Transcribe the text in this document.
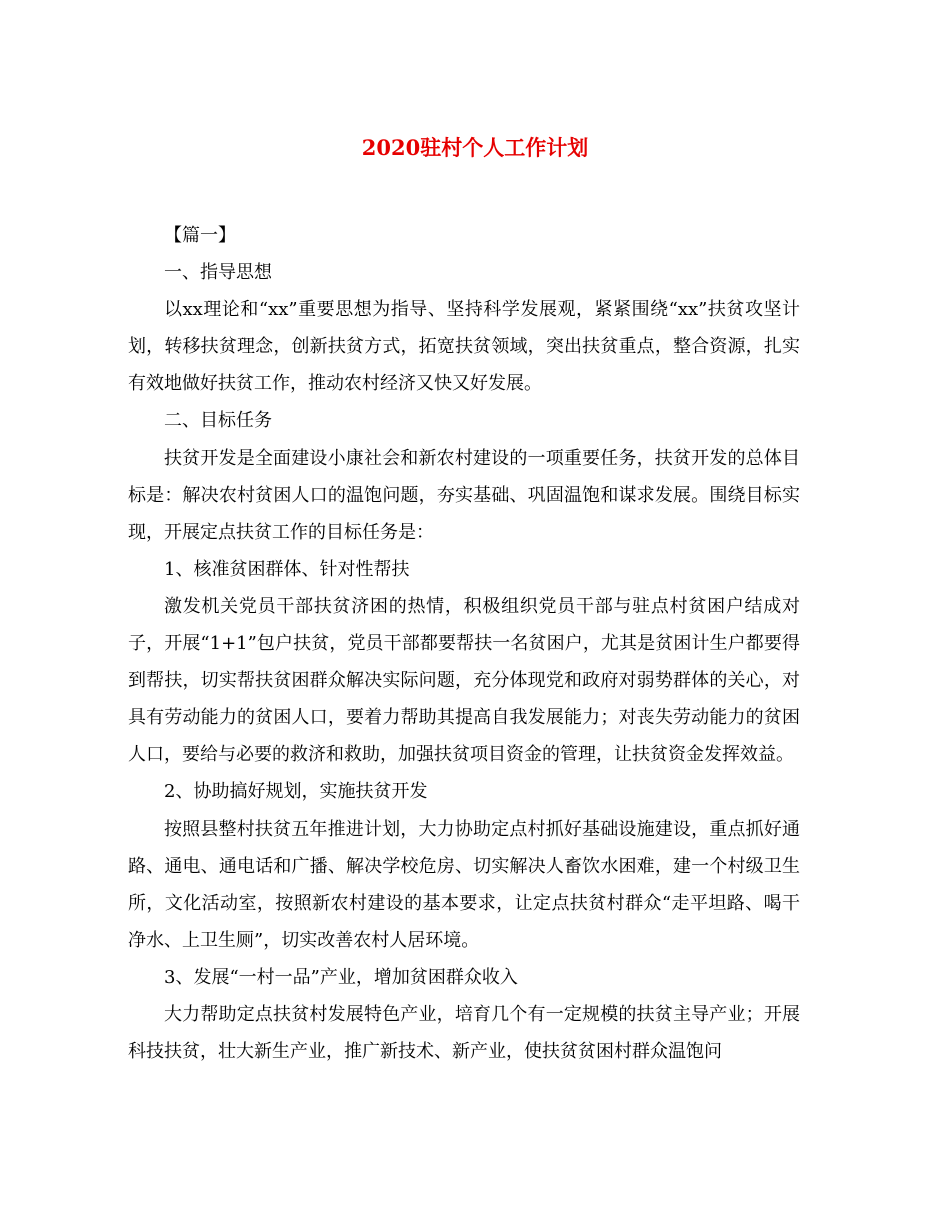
2020驻村个人工作计划

【篇一】

一、指导思想

以xx理论和“xx”重要思想为指导、坚持科学发展观，紧紧围绕“xx”扶贫攻坚计划，转移扶贫理念，创新扶贫方式，拓宽扶贫领域，突出扶贫重点，整合资源，扎实有效地做好扶贫工作，推动农村经济又快又好发展。

二、目标任务

扶贫开发是全面建设小康社会和新农村建设的一项重要任务，扶贫开发的总体目标是：解决农村贫困人口的温饱问题，夯实基础、巩固温饱和谋求发展。围绕目标实现，开展定点扶贫工作的目标任务是：

1、核准贫困群体、针对性帮扶

激发机关党员干部扶贫济困的热情，积极组织党员干部与驻点村贫困户结成对子，开展“1+1”包户扶贫，党员干部都要帮扶一名贫困户，尤其是贫困计生户都要得到帮扶，切实帮扶贫困群众解决实际问题，充分体现党和政府对弱势群体的关心，对具有劳动能力的贫困人口，要着力帮助其提高自我发展能力；对丧失劳动能力的贫困人口，要给与必要的救济和救助，加强扶贫项目资金的管理，让扶贫资金发挥效益。

2、协助搞好规划，实施扶贫开发

按照县整村扶贫五年推进计划，大力协助定点村抓好基础设施建设，重点抓好通路、通电、通电话和广播、解决学校危房、切实解决人畜饮水困难，建一个村级卫生所，文化活动室，按照新农村建设的基本要求，让定点扶贫村群众“走平坦路、喝干净水、上卫生厕”，切实改善农村人居环境。

3、发展“一村一品”产业，增加贫困群众收入

大力帮助定点扶贫村发展特色产业，培育几个有一定规模的扶贫主导产业；开展科技扶贫，壮大新生产业，推广新技术、新产业，使扶贫贫困村群众温饱问
